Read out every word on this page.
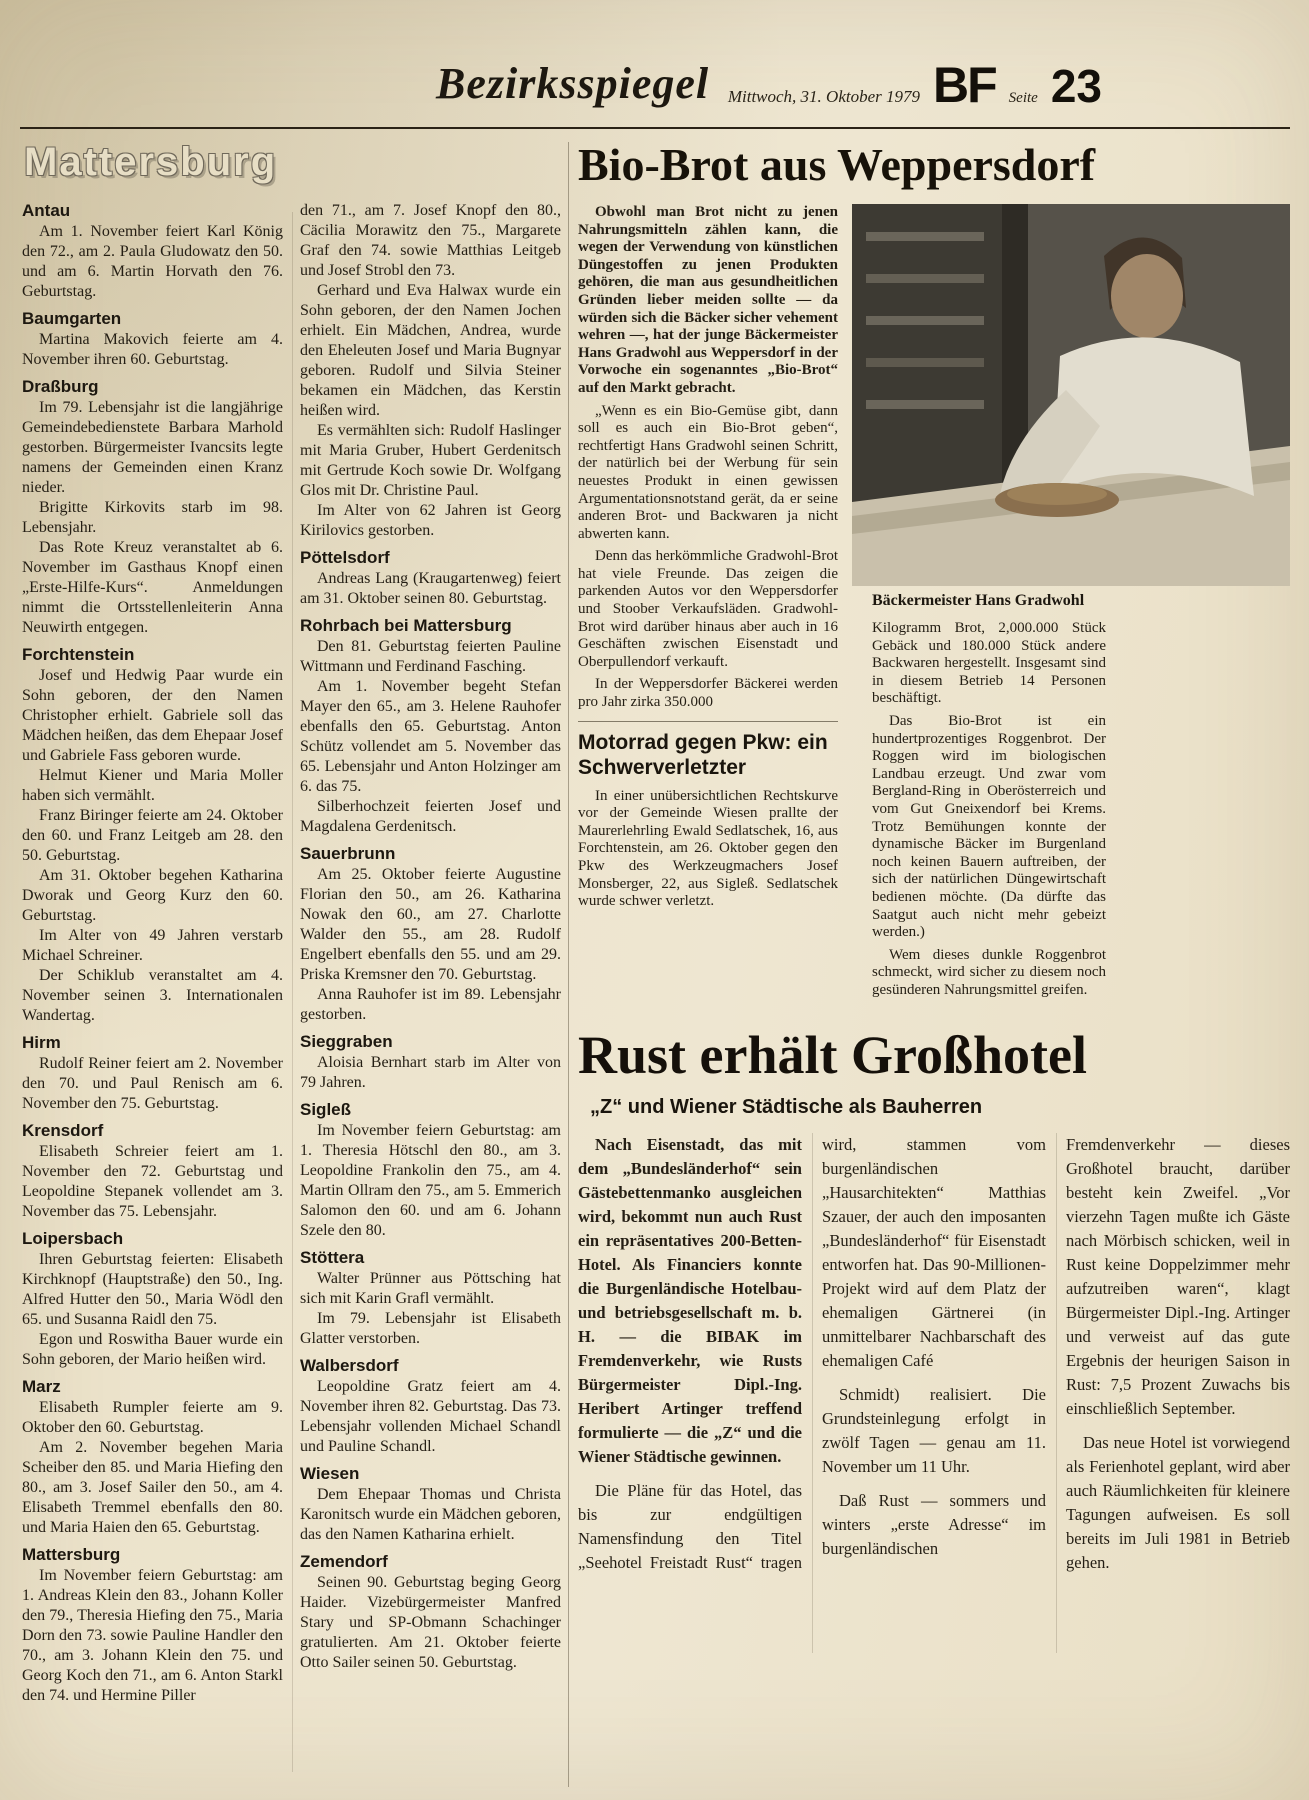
Bezirksspiegel Mittwoch, 31. Oktober 1979 BF Seite 23
Mattersburg
Antau

Am 1. November feiert Karl König den 72., am 2. Paula Gludowatz den 50. und am 6. Martin Horvath den 76. Geburtstag.

Baumgarten

Martina Makovich feierte am 4. November ihren 60. Geburtstag.

Draßburg

Im 79. Lebensjahr ist die langjährige Gemeindebedienstete Barbara Marhold gestorben. Bürgermeister Ivancsits legte namens der Gemeinden einen Kranz nieder.

Brigitte Kirkovits starb im 98. Lebensjahr.

Das Rote Kreuz veranstaltet ab 6. November im Gasthaus Knopf einen „Erste-Hilfe-Kurs“. Anmeldungen nimmt die Ortsstellenleiterin Anna Neuwirth entgegen.

Forchtenstein

Josef und Hedwig Paar wurde ein Sohn geboren, der den Namen Christopher erhielt. Gabriele soll das Mädchen heißen, das dem Ehepaar Josef und Gabriele Fass geboren wurde.

Helmut Kiener und Maria Moller haben sich vermählt.

Franz Biringer feierte am 24. Oktober den 60. und Franz Leitgeb am 28. den 50. Geburtstag.

Am 31. Oktober begehen Katharina Dworak und Georg Kurz den 60. Geburtstag.

Im Alter von 49 Jahren verstarb Michael Schreiner.

Der Schiklub veranstaltet am 4. November seinen 3. Internationalen Wandertag.

Hirm

Rudolf Reiner feiert am 2. November den 70. und Paul Renisch am 6. November den 75. Geburtstag.

Krensdorf

Elisabeth Schreier feiert am 1. November den 72. Geburtstag und Leopoldine Stepanek vollendet am 3. November das 75. Lebensjahr.

Loipersbach

Ihren Geburtstag feierten: Elisabeth Kirchknopf (Hauptstraße) den 50., Ing. Alfred Hutter den 50., Maria Wödl den 65. und Susanna Raidl den 75.

Egon und Roswitha Bauer wurde ein Sohn geboren, der Mario heißen wird.

Marz

Elisabeth Rumpler feierte am 9. Oktober den 60. Geburtstag.

Am 2. November begehen Maria Scheiber den 85. und Maria Hiefing den 80., am 3. Josef Sailer den 50., am 4. Elisabeth Tremmel ebenfalls den 80. und Maria Haien den 65. Geburtstag.

Mattersburg

Im November feiern Geburtstag: am 1. Andreas Klein den 83., Johann Koller den 79., Theresia Hiefing den 75., Maria Dorn den 73. sowie Pauline Handler den 70., am 3. Johann Klein den 75. und Georg Koch den 71., am 6. Anton Starkl den 74. und Hermine Piller

den 71., am 7. Josef Knopf den 80., Cäcilia Morawitz den 75., Margarete Graf den 74. sowie Matthias Leitgeb und Josef Strobl den 73.

Gerhard und Eva Halwax wurde ein Sohn geboren, der den Namen Jochen erhielt. Ein Mädchen, Andrea, wurde den Eheleuten Josef und Maria Bugnyar geboren. Rudolf und Silvia Steiner bekamen ein Mädchen, das Kerstin heißen wird.

Es vermählten sich: Rudolf Haslinger mit Maria Gruber, Hubert Gerdenitsch mit Gertrude Koch sowie Dr. Wolfgang Glos mit Dr. Christine Paul.

Im Alter von 62 Jahren ist Georg Kirilovics gestorben.

Pöttelsdorf

Andreas Lang (Kraugartenweg) feiert am 31. Oktober seinen 80. Geburtstag.

Rohrbach bei Mattersburg

Den 81. Geburtstag feierten Pauline Wittmann und Ferdinand Fasching.

Am 1. November begeht Stefan Mayer den 65., am 3. Helene Rauhofer ebenfalls den 65. Geburtstag. Anton Schütz vollendet am 5. November das 65. Lebensjahr und Anton Holzinger am 6. das 75.

Silberhochzeit feierten Josef und Magdalena Gerdenitsch.

Sauerbrunn

Am 25. Oktober feierte Augustine Florian den 50., am 26. Katharina Nowak den 60., am 27. Charlotte Walder den 55., am 28. Rudolf Engelbert ebenfalls den 55. und am 29. Priska Kremsner den 70. Geburtstag.

Anna Rauhofer ist im 89. Lebensjahr gestorben.

Sieggraben

Aloisia Bernhart starb im Alter von 79 Jahren.

Sigleß

Im November feiern Geburtstag: am 1. Theresia Hötschl den 80., am 3. Leopoldine Frankolin den 75., am 4. Martin Ollram den 75., am 5. Emmerich Salomon den 60. und am 6. Johann Szele den 80.

Stöttera

Walter Prünner aus Pöttsching hat sich mit Karin Grafl vermählt.

Im 79. Lebensjahr ist Elisabeth Glatter verstorben.

Walbersdorf

Leopoldine Gratz feiert am 4. November ihren 82. Geburtstag. Das 73. Lebensjahr vollenden Michael Schandl und Pauline Schandl.

Wiesen

Dem Ehepaar Thomas und Christa Karonitsch wurde ein Mädchen geboren, das den Namen Katharina erhielt.

Zemendorf

Seinen 90. Geburtstag beging Georg Haider. Vizebürgermeister Manfred Stary und SP-Obmann Schachinger gratulierten. Am 21. Oktober feierte Otto Sailer seinen 50. Geburtstag.

Bio-Brot aus Weppersdorf

Obwohl man Brot nicht zu jenen Nahrungsmitteln zählen kann, die wegen der Verwendung von künstlichen Düngestoffen zu jenen Produkten gehören, die man aus gesundheitlichen Gründen lieber meiden sollte — da würden sich die Bäcker sicher vehement wehren —, hat der junge Bäckermeister Hans Gradwohl aus Weppersdorf in der Vorwoche ein sogenanntes „Bio-Brot“ auf den Markt gebracht.

„Wenn es ein Bio-Gemüse gibt, dann soll es auch ein Bio-Brot geben“, rechtfertigt Hans Gradwohl seinen Schritt, der natürlich bei der Werbung für sein neuestes Produkt in einen gewissen Argumentationsnotstand gerät, da er seine anderen Brot- und Backwaren ja nicht abwerten kann.

Denn das herkömmliche Gradwohl-Brot hat viele Freunde. Das zeigen die parkenden Autos vor den Weppersdorfer und Stoober Verkaufsläden. Gradwohl-Brot wird darüber hinaus aber auch in 16 Geschäften zwischen Eisenstadt und Oberpullendorf verkauft.

In der Weppersdorfer Bäckerei werden pro Jahr zirka 350.000

Motorrad gegen Pkw: ein Schwerverletzter

In einer unübersichtlichen Rechtskurve vor der Gemeinde Wiesen prallte der Maurerlehrling Ewald Sedlatschek, 16, aus Forchtenstein, am 26. Oktober gegen den Pkw des Werkzeugmachers Josef Monsberger, 22, aus Sigleß. Sedlatschek wurde schwer verletzt.

Bäckermeister Hans Gradwohl

Kilogramm Brot, 2,000.000 Stück Gebäck und 180.000 Stück andere Backwaren hergestellt. Insgesamt sind in diesem Betrieb 14 Personen beschäftigt.

Das Bio-Brot ist ein hundertprozentiges Roggenbrot. Der Roggen wird im biologischen Landbau erzeugt. Und zwar vom Bergland-Ring in Oberösterreich und vom Gut Gneixendorf bei Krems. Trotz Bemühungen konnte der dynamische Bäcker im Burgenland noch keinen Bauern auftreiben, der sich der natürlichen Düngewirtschaft bedienen möchte. (Da dürfte das Saatgut auch nicht mehr gebeizt werden.)

Wem dieses dunkle Roggenbrot schmeckt, wird sicher zu diesem noch gesünderen Nahrungsmittel greifen.

Rust erhält Großhotel
„Z“ und Wiener Städtische als Bauherren

Nach Eisenstadt, das mit dem „Bundesländerhof“ sein Gästebettenmanko ausgleichen wird, bekommt nun auch Rust ein repräsentatives 200-Betten-Hotel. Als Financiers konnte die Burgenländische Hotelbau- und betriebsgesellschaft m. b. H. — die BIBAK im Fremdenverkehr, wie Rusts Bürgermeister Dipl.-Ing. Heribert Artinger treffend formulierte — die „Z“ und die Wiener Städtische gewinnen.

Die Pläne für das Hotel, das bis zur endgültigen Namensfindung den Titel „Seehotel Freistadt Rust“ tragen wird, stammen vom burgenländischen „Hausarchitekten“ Matthias Szauer, der auch den imposanten „Bundesländerhof“ für Eisenstadt entworfen hat. Das 90-Millionen-Projekt wird auf dem Platz der ehemaligen Gärtnerei (in unmittelbarer Nachbarschaft des ehemaligen Café

Schmidt) realisiert. Die Grundsteinlegung erfolgt in zwölf Tagen — genau am 11. November um 11 Uhr.

Daß Rust — sommers und winters „erste Adresse“ im burgenländischen Fremdenverkehr — dieses Großhotel braucht, darüber besteht kein Zweifel. „Vor vierzehn Tagen mußte ich Gäste nach Mörbisch schicken, weil in Rust keine Doppelzimmer mehr aufzutreiben waren“, klagt Bürgermeister Dipl.-Ing. Artinger und verweist auf das gute Ergebnis der heurigen Saison in Rust: 7,5 Prozent Zuwachs bis einschließlich September.

Das neue Hotel ist vorwiegend als Ferienhotel geplant, wird aber auch Räumlichkeiten für kleinere Tagungen aufweisen. Es soll bereits im Juli 1981 in Betrieb gehen.
